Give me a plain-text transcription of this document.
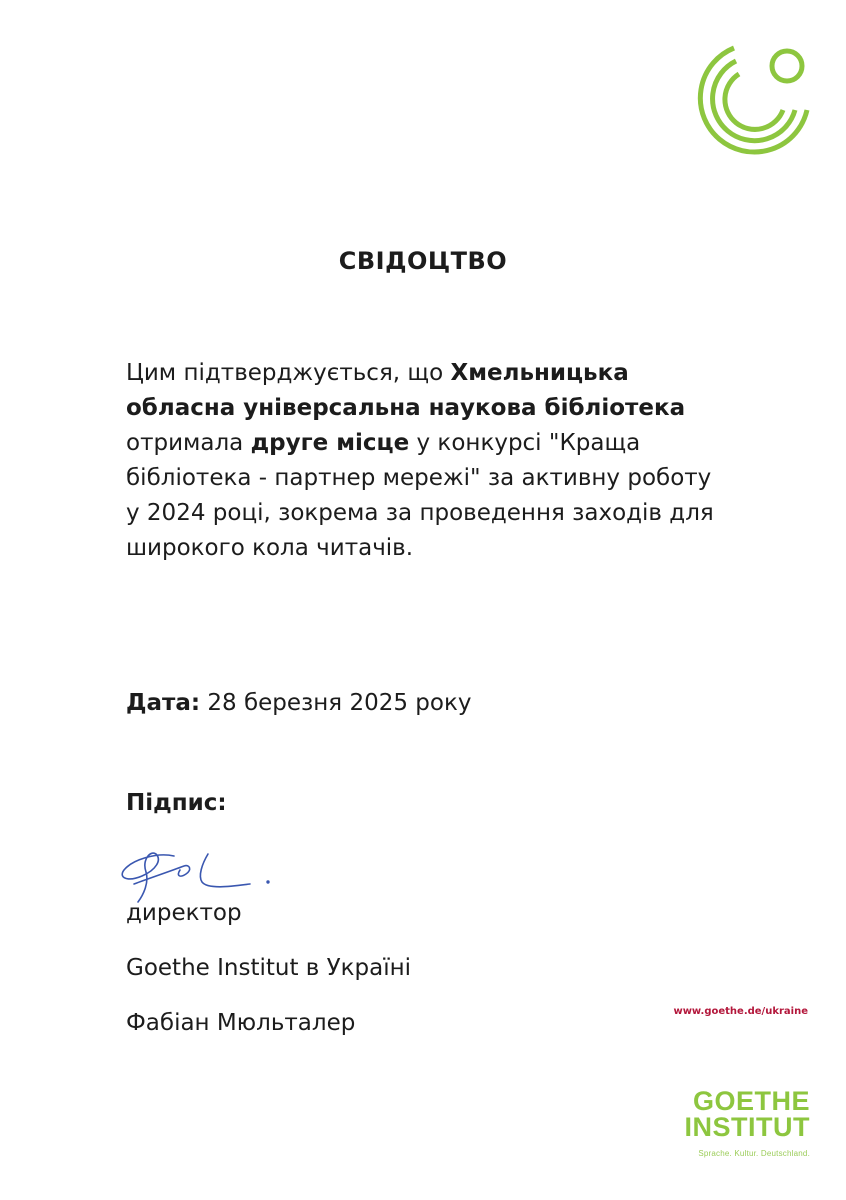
СВІДОЦТВО

Цим підтверджується, що Хмельницька обласна універсальна наукова бібліотека отримала друге місце у конкурсі "Краща бібліотека - партнер мережі" за активну роботу у 2024 році, зокрема за проведення заходів для широкого кола читачів.

Дата: 28 березня 2025 року

Підпис:

директор

Goethe Institut в Україні

Фабіан Мюльталер	www.goethe.de/ukraine

GOETHE
INSTITUT
Sprache. Kultur. Deutschland.
